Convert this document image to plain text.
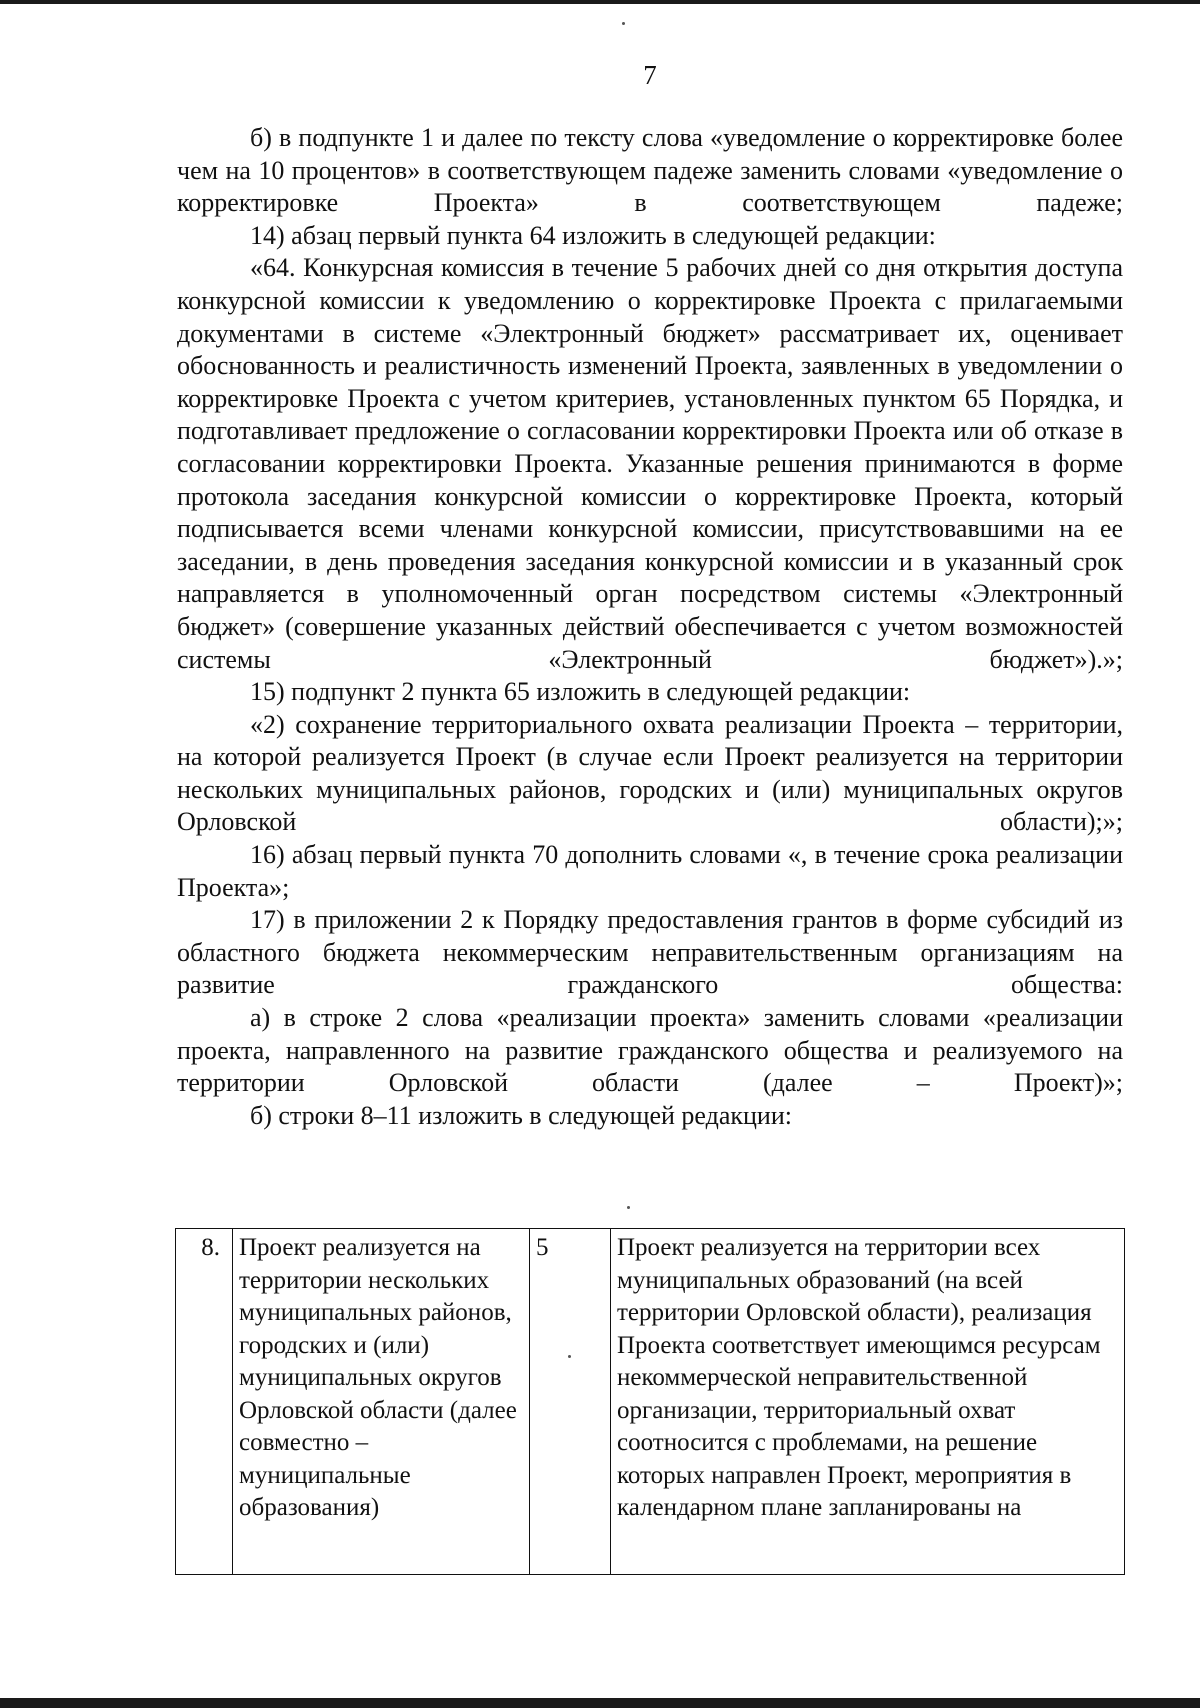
7

б) в подпункте 1 и далее по тексту слова «уведомление о корректировке более чем на 10 процентов» в соответствующем падеже заменить словами «уведомление о корректировке Проекта» в соответствующем падеже;

14) абзац первый пункта 64 изложить в следующей редакции:

«64. Конкурсная комиссия в течение 5 рабочих дней со дня открытия доступа конкурсной комиссии к уведомлению о корректировке Проекта с прилагаемыми документами в системе «Электронный бюджет» рассматривает их, оценивает обоснованность и реалистичность изменений Проекта, заявленных в уведомлении о корректировке Проекта с учетом критериев, установленных пунктом 65 Порядка, и подготавливает предложение о согласовании корректировки Проекта или об отказе в согласовании корректировки Проекта. Указанные решения принимаются в форме протокола заседания конкурсной комиссии о корректировке Проекта, который подписывается всеми членами конкурсной комиссии, присутствовавшими на ее заседании, в день проведения заседания конкурсной комиссии и в указанный срок направляется в уполномоченный орган посредством системы «Электронный бюджет» (совершение указанных действий обеспечивается с учетом возможностей системы «Электронный бюджет»).»;

15) подпункт 2 пункта 65 изложить в следующей редакции:

«2) сохранение территориального охвата реализации Проекта – территории, на которой реализуется Проект (в случае если Проект реализуется на территории нескольких муниципальных районов, городских и (или) муниципальных округов Орловской области);»;

16) абзац первый пункта 70 дополнить словами «, в течение срока реализации Проекта»;

17) в приложении 2 к Порядку предоставления грантов в форме субсидий из областного бюджета некоммерческим неправительственным организациям на развитие гражданского общества:

а) в строке 2 слова «реализации проекта» заменить словами «реализации проекта, направленного на развитие гражданского общества и реализуемого на территории Орловской области (далее – Проект)»;

б) строки 8–11 изложить в следующей редакции:

8.	Проект реализуется на территории нескольких муниципальных районов, городских и (или) муниципальных округов Орловской области (далее совместно – муниципальные образования)	5	Проект реализуется на территории всех муниципальных образований (на всей территории Орловской области), реализация Проекта соответствует имеющимся ресурсам некоммерческой неправительственной организации, территориальный охват соотносится с проблемами, на решение которых направлен Проект, мероприятия в календарном плане запланированы на
